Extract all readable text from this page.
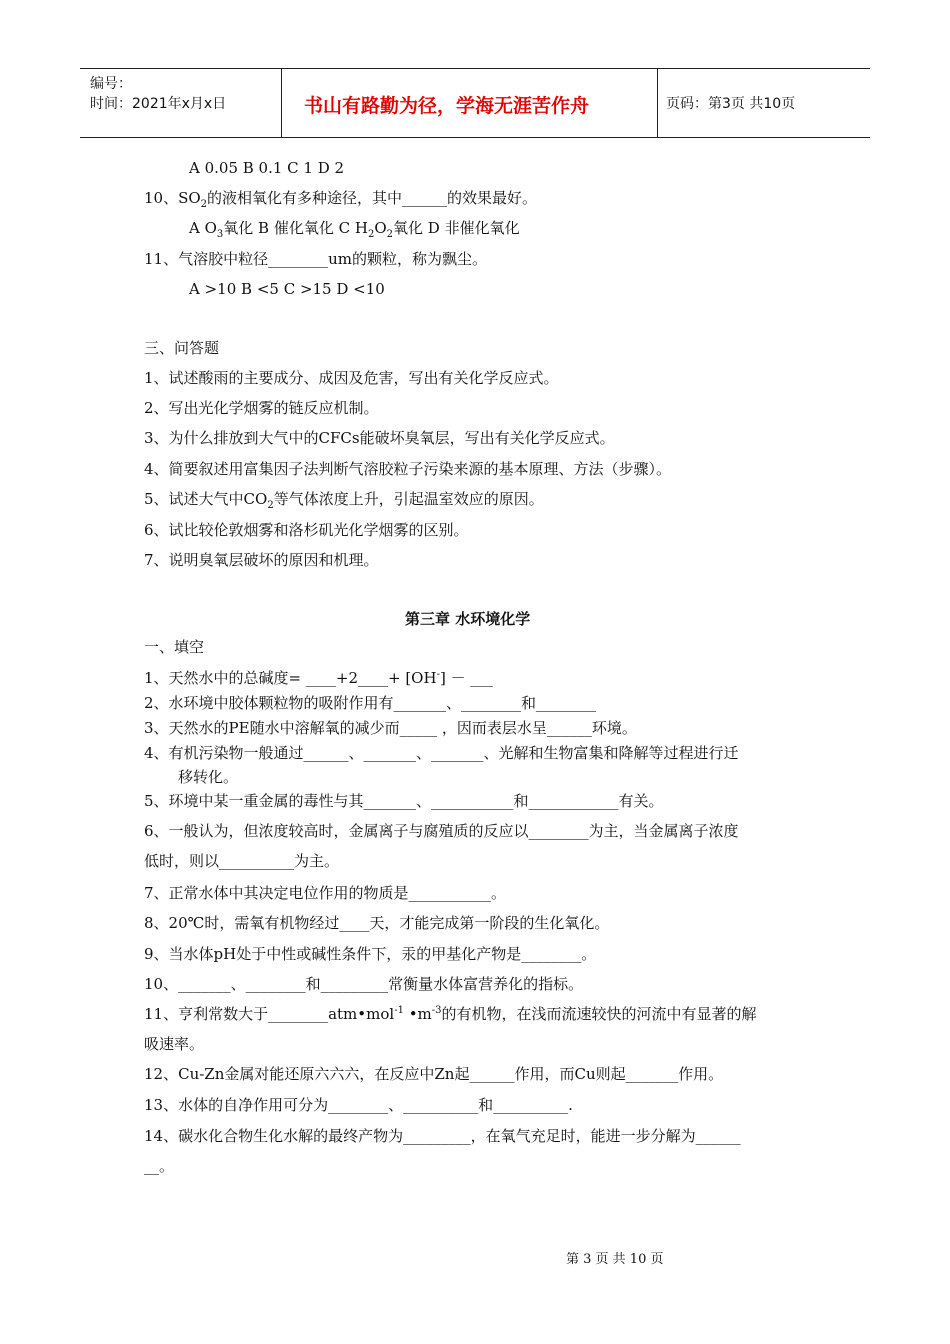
编号：
时间：2021年x月x日	书山有路勤为径，学海无涯苦作舟	页码：第3页 共10页
A 0.05 B 0.1 C 1 D 2
10、$SO_2$的液相氧化有多种途径，其中______的效果最好。
A $O_3$氧化 B 催化氧化 C $H_2O_2$氧化 D 非催化氧化
11、气溶胶中粒径________um的颗粒，称为飘尘。
A >10 B <5 C >15 D <10
三、问答题
1、试述酸雨的主要成分、成因及危害，写出有关化学反应式。
2、写出光化学烟雾的链反应机制。
3、为什么排放到大气中的CFCs能破坏臭氧层，写出有关化学反应式。
4、简要叙述用富集因子法判断气溶胶粒子污染来源的基本原理、方法（步骤）。
5、试述大气中$CO_2$等气体浓度上升，引起温室效应的原因。
6、试比较伦敦烟雾和洛杉矶光化学烟雾的区别。
7、说明臭氧层破坏的原因和机理。
第三章 水环境化学
一、填空
1、天然水中的总碱度= ____+2____+ [OH-] － ___
2、水环境中胶体颗粒物的吸附作用有_______、________和________
3、天然水的PE随水中溶解氧的减少而_____ ，因而表层水呈______环境。
4、有机污染物一般通过______、_______、_______、光解和生物富集和降解等过程进行迁
移转化。
5、环境中某一重金属的毒性与其_______、___________和____________有关。
6、一般认为，但浓度较高时，金属离子与腐殖质的反应以________为主，当金属离子浓度
低时，则以__________为主。
7、正常水体中其决定电位作用的物质是___________。
8、20℃时，需氧有机物经过____天，才能完成第一阶段的生化氧化。
9、当水体pH处于中性或碱性条件下，汞的甲基化产物是________。
10、_______、________和_________常衡量水体富营养化的指标。
11、亨利常数大于________atm•mol$^{-1}$ $•m^{-3}$的有机物，在浅而流速较快的河流中有显著的解
吸速率。
12、Cu-Zn金属对能还原六六六，在反应中Zn起______作用，而Cu则起_______作用。
13、水体的自净作用可分为________、__________和__________.
14、碳水化合物生化水解的最终产物为_________，在氧气充足时，能进一步分解为______
__。
第 3 页 共 10 页
